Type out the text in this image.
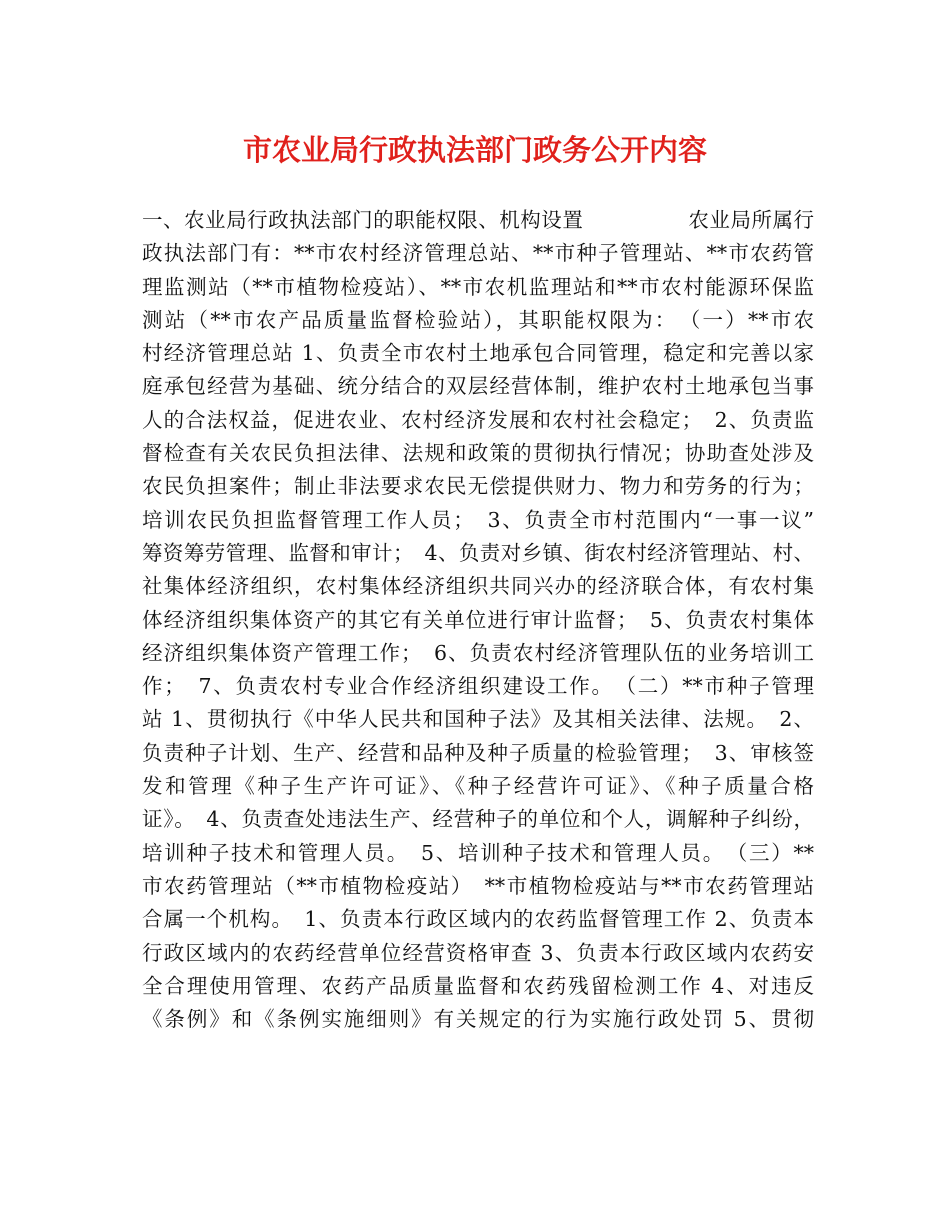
市农业局行政执法部门政务公开内容
一、农业局行政执法部门的职能权限、机构设置　　　　　农业局所属行
政执法部门有：**市农村经济管理总站、**市种子管理站、**市农药管
理监测站（**市植物检疫站）、**市农机监理站和**市农村能源环保监
测站（**市农产品质量监督检验站），其职能权限为：　（一）**市农
村经济管理总站 1、负责全市农村土地承包合同管理，稳定和完善以家
庭承包经营为基础、统分结合的双层经营体制，维护农村土地承包当事
人的合法权益，促进农业、农村经济发展和农村社会稳定；　2、负责监
督检查有关农民负担法律、法规和政策的贯彻执行情况；协助查处涉及
农民负担案件；制止非法要求农民无偿提供财力、物力和劳务的行为；
培训农民负担监督管理工作人员；　3、负责全市村范围内“一事一议”
筹资筹劳管理、监督和审计；　4、负责对乡镇、街农村经济管理站、村、
社集体经济组织，农村集体经济组织共同兴办的经济联合体，有农村集
体经济组织集体资产的其它有关单位进行审计监督；　5、负责农村集体
经济组织集体资产管理工作；　6、负责农村经济管理队伍的业务培训工
作；　7、负责农村专业合作经济组织建设工作。　（二）**市种子管理
站 1、贯彻执行《中华人民共和国种子法》及其相关法律、法规。　2、
负责种子计划、生产、经营和品种及种子质量的检验管理；　3、审核签
发和管理《种子生产许可证》、《种子经营许可证》、《种子质量合格
证》。　4、负责查处违法生产、经营种子的单位和个人，调解种子纠纷，
培训种子技术和管理人员。　5、培训种子技术和管理人员。　（三）**
市农药管理站（**市植物检疫站）　**市植物检疫站与**市农药管理站
合属一个机构。　1、负责本行政区域内的农药监督管理工作 2、负责本
行政区域内的农药经营单位经营资格审查 3、负责本行政区域内农药安
全合理使用管理、农药产品质量监督和农药残留检测工作 4、对违反
《条例》和《条例实施细则》有关规定的行为实施行政处罚 5、贯彻
